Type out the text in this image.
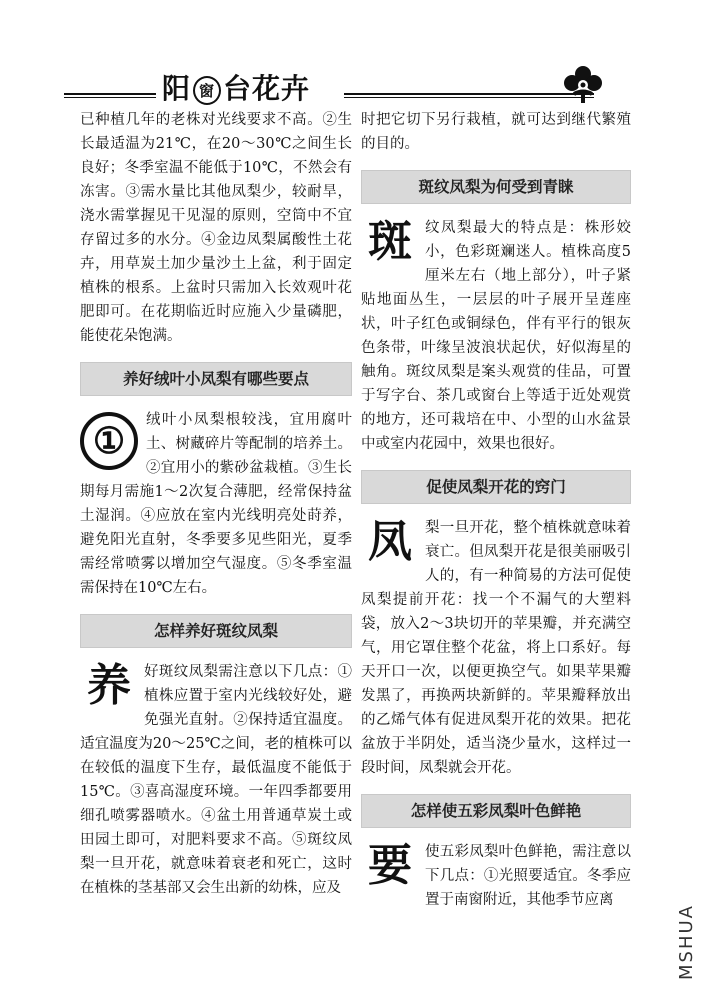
阳 窗 台花卉

已种植几年的老株对光线要求不高。②生长最适温为21℃，在20～30℃之间生长良好；冬季室温不能低于10℃，不然会有冻害。③需水量比其他凤梨少，较耐旱，浇水需掌握见干见湿的原则，空筒中不宜存留过多的水分。④金边凤梨属酸性土花卉，用草炭土加少量沙土上盆，利于固定植株的根系。上盆时只需加入长效观叶花肥即可。在花期临近时应施入少量磷肥，能使花朵饱满。

养好绒叶小凤梨有哪些要点
①	绒叶小凤梨根较浅，宜用腐叶土、树藏碎片等配制的培养土。②宜用小的紫砂盆栽植。③生长期每月需施1～2次复合薄肥，经常保持盆土湿润。④应放在室内光线明亮处莳养，避免阳光直射，冬季要多见些阳光，夏季需经常喷雾以增加空气湿度。⑤冬季室温需保持在10℃左右。

怎样养好斑纹凤梨
养 好斑纹凤梨需注意以下几点：①植株应置于室内光线较好处，避免强光直射。②保持适宜温度。适宜温度为20～25℃之间，老的植株可以在较低的温度下生存，最低温度不能低于15℃。③喜高湿度环境。一年四季都要用细孔喷雾器喷水。④盆土用普通草炭土或田园土即可，对肥料要求不高。⑤斑纹凤梨一旦开花，就意味着衰老和死亡，这时在植株的茎基部又会生出新的幼株，应及

时把它切下另行栽植，就可达到继代繁殖的目的。

斑纹凤梨为何受到青睐
斑 纹凤梨最大的特点是：株形姣小，色彩斑斓迷人。植株高度5厘米左右（地上部分），叶子紧贴地面丛生，一层层的叶子展开呈莲座状，叶子红色或铜绿色，伴有平行的银灰色条带，叶缘呈波浪状起伏，好似海星的触角。斑纹凤梨是案头观赏的佳品，可置于写字台、茶几或窗台上等适于近处观赏的地方，还可栽培在中、小型的山水盆景中或室内花园中，效果也很好。

促使凤梨开花的窍门
凤 梨一旦开花，整个植株就意味着衰亡。但凤梨开花是很美丽吸引人的，有一种简易的方法可促使凤梨提前开花：找一个不漏气的大塑料袋，放入2～3块切开的苹果瓣，并充满空气，用它罩住整个花盆，将上口系好。每天开口一次，以便更换空气。如果苹果瓣发黑了，再换两块新鲜的。苹果瓣释放出的乙烯气体有促进凤梨开花的效果。把花盆放于半阴处，适当浇少量水，这样过一段时间，凤梨就会开花。

怎样使五彩凤梨叶色鲜艳
要 使五彩凤梨叶色鲜艳，需注意以下几点：①光照要适宜。冬季应置于南窗附近，其他季节应离

MSHUA
